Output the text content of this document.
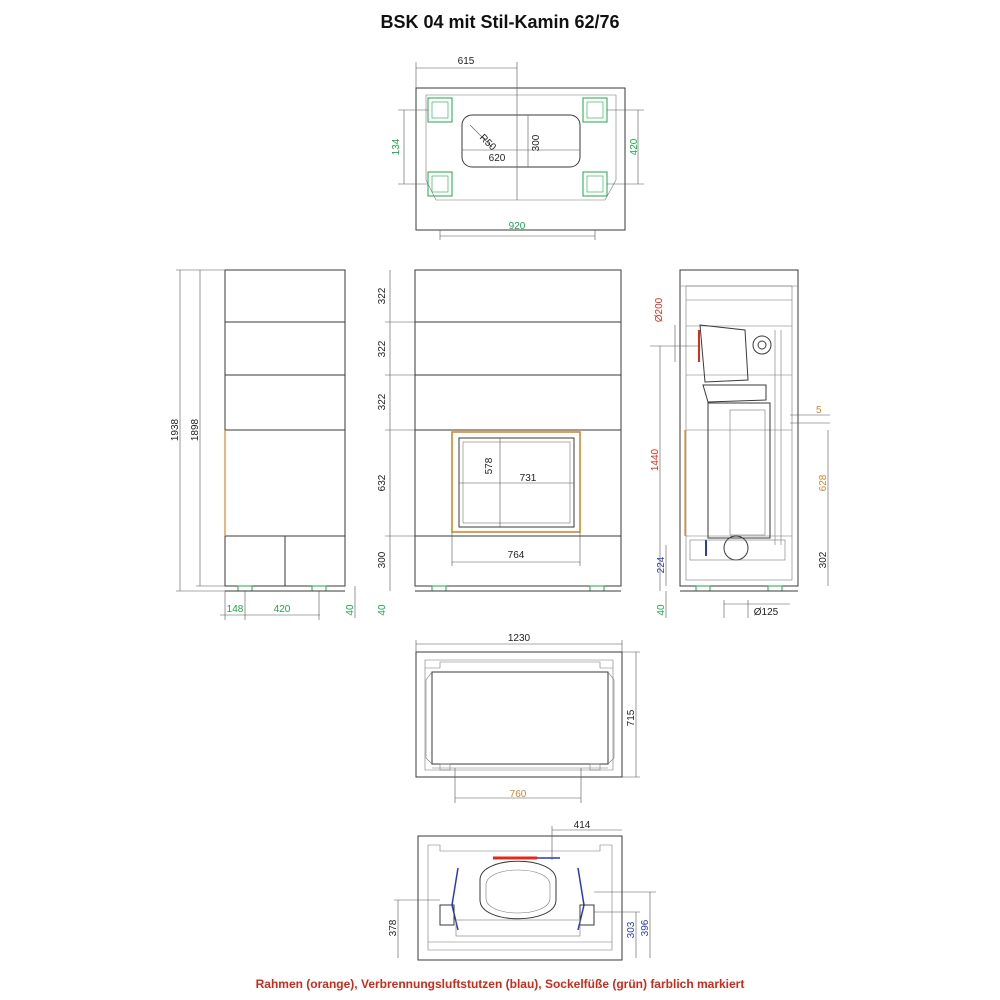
BSK 04 mit Stil-Kamin 62/76
615
R50
620
300
134	420
920
1938 1898
148	420	40
322
322
322
632
300
40
578
731
764
Ø200
1440
5
628
224	302
40	Ø125
1230
715
760
414
378	303 396
Rahmen (orange), Verbrennungsluftstutzen (blau), Sockelfüße (grün) farblich markiert
